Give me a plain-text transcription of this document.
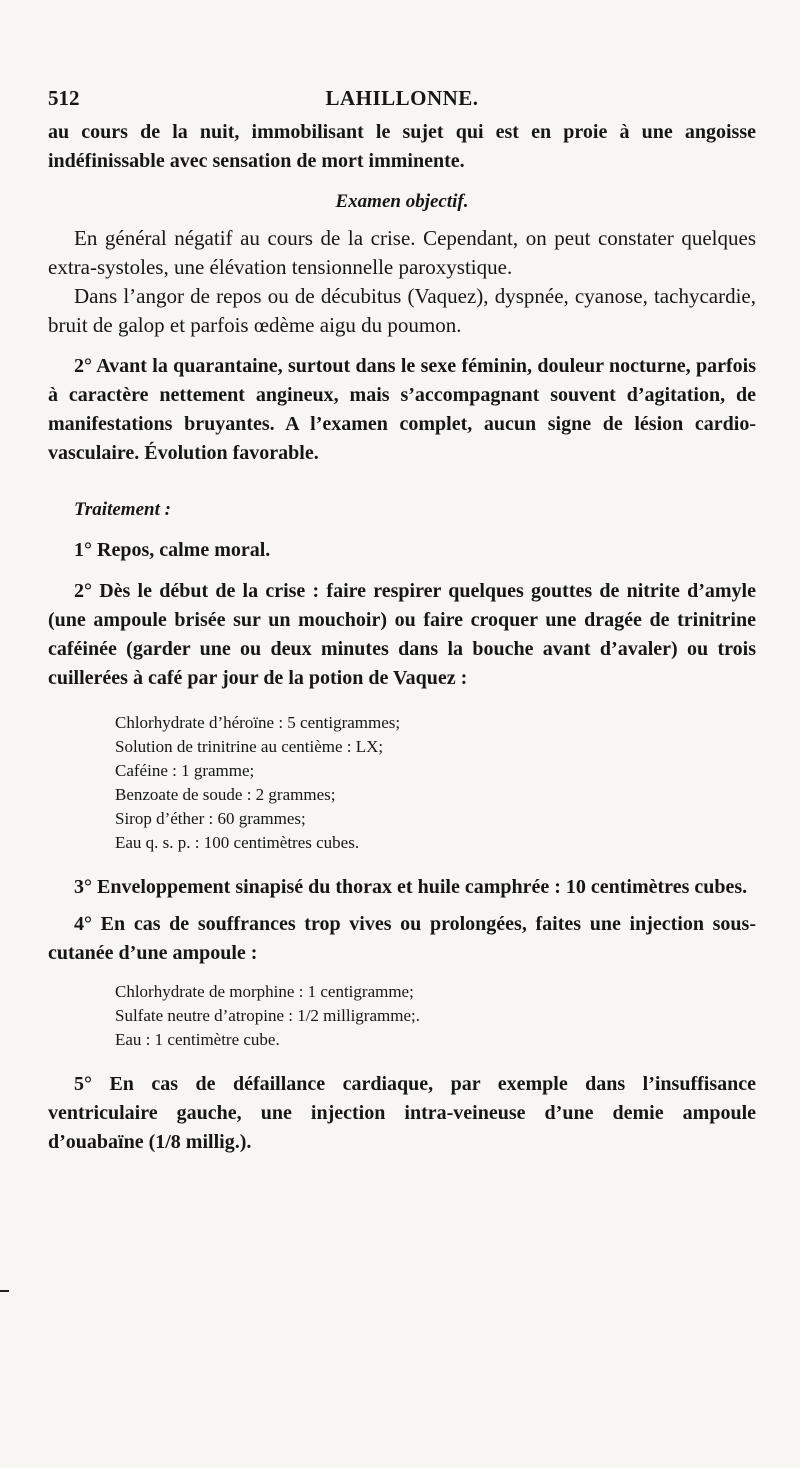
512	LAHILLONNE.

au cours de la nuit, immobilisant le sujet qui est en proie à une angoisse indéfinissable avec sensation de mort imminente.

Examen objectif.

En général négatif au cours de la crise. Cependant, on peut constater quelques extra-systoles, une élévation tensionnelle paroxystique.

Dans l’angor de repos ou de décubitus (Vaquez), dyspnée, cyanose, tachycardie, bruit de galop et parfois œdème aigu du poumon.

2° Avant la quarantaine, surtout dans le sexe féminin, douleur nocturne, parfois à caractère nettement angineux, mais s’accompagnant souvent d’agitation, de manifestations bruyantes. A l’examen complet, aucun signe de lésion cardio-vasculaire. Évolution favorable.

Traitement :

1° Repos, calme moral.

2° Dès le début de la crise : faire respirer quelques gouttes de nitrite d’amyle (une ampoule brisée sur un mouchoir) ou faire croquer une dragée de trinitrine caféinée (garder une ou deux minutes dans la bouche avant d’avaler) ou trois cuillerées à café par jour de la potion de Vaquez :

Chlorhydrate d’héroïne : 5 centigrammes;
Solution de trinitrine au centième : LX;
Caféine : 1 gramme;
Benzoate de soude : 2 grammes;
Sirop d’éther : 60 grammes;
Eau q. s. p. : 100 centimètres cubes.

3° Enveloppement sinapisé du thorax et huile camphrée : 10 centimètres cubes.

4° En cas de souffrances trop vives ou prolongées, faites une injection sous-cutanée d’une ampoule :

Chlorhydrate de morphine : 1 centigramme;
Sulfate neutre d’atropine : 1/2 milligramme;.
Eau : 1 centimètre cube.

5° En cas de défaillance cardiaque, par exemple dans l’insuffisance ventriculaire gauche, une injection intra-veineuse d’une demie ampoule d’ouabaïne (1/8 millig.).
